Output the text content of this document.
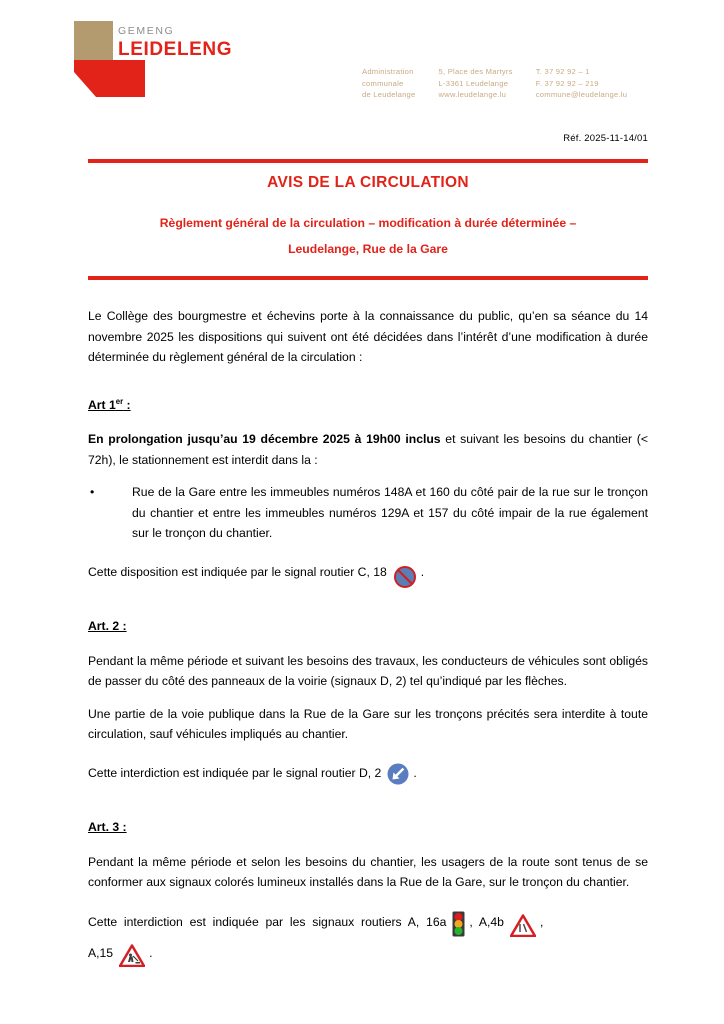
GEMENG
LEIDELENG
Administration
communale
de Leudelange
5, Place des Martyrs
L-3361 Leudelange
www.leudelange.lu
T. 37 92 92 – 1
F. 37 92 92 – 219
commune@leudelange.lu
Réf. 2025-11-14/01
AVIS DE LA CIRCULATION
Règlement général de la circulation – modification à durée déterminée –
Leudelange, Rue de la Gare

Le Collège des bourgmestre et échevins porte à la connaissance du public, qu’en sa séance du 14 novembre 2025 les dispositions qui suivent ont été décidées dans l’intérêt d’une modification à durée déterminée du règlement général de la circulation :

Art 1er :

En prolongation jusqu’au 19 décembre 2025 à 19h00 inclus et suivant les besoins du chantier (< 72h), le stationnement est interdit dans la :

•	Rue de la Gare entre les immeubles numéros 148A et 160 du côté pair de la rue sur le tronçon du chantier et entre les immeubles numéros 129A et 157 du côté impair de la rue également sur le tronçon du chantier.
Cette disposition est indiquée par le signal routier C, 18	.
Art. 2 :

Pendant la même période et suivant les besoins des travaux, les conducteurs de véhicules sont obligés de passer du côté des panneaux de la voirie (signaux D, 2) tel qu’indiqué par les flèches.

Une partie de la voie publique dans la Rue de la Gare sur les tronçons précités sera interdite à toute circulation, sauf véhicules impliqués au chantier.

Cette interdiction est indiquée par le signal routier D, 2	.
Art. 3 :

Pendant la même période et selon les besoins du chantier, les usagers de la route sont tenus de se conformer aux signaux colorés lumineux installés dans la Rue de la Gare, sur le tronçon du chantier.

Cette  interdiction  est  indiquée  par  les  signaux  routiers  A,  16a ,  A,4b	,
A,15	.
